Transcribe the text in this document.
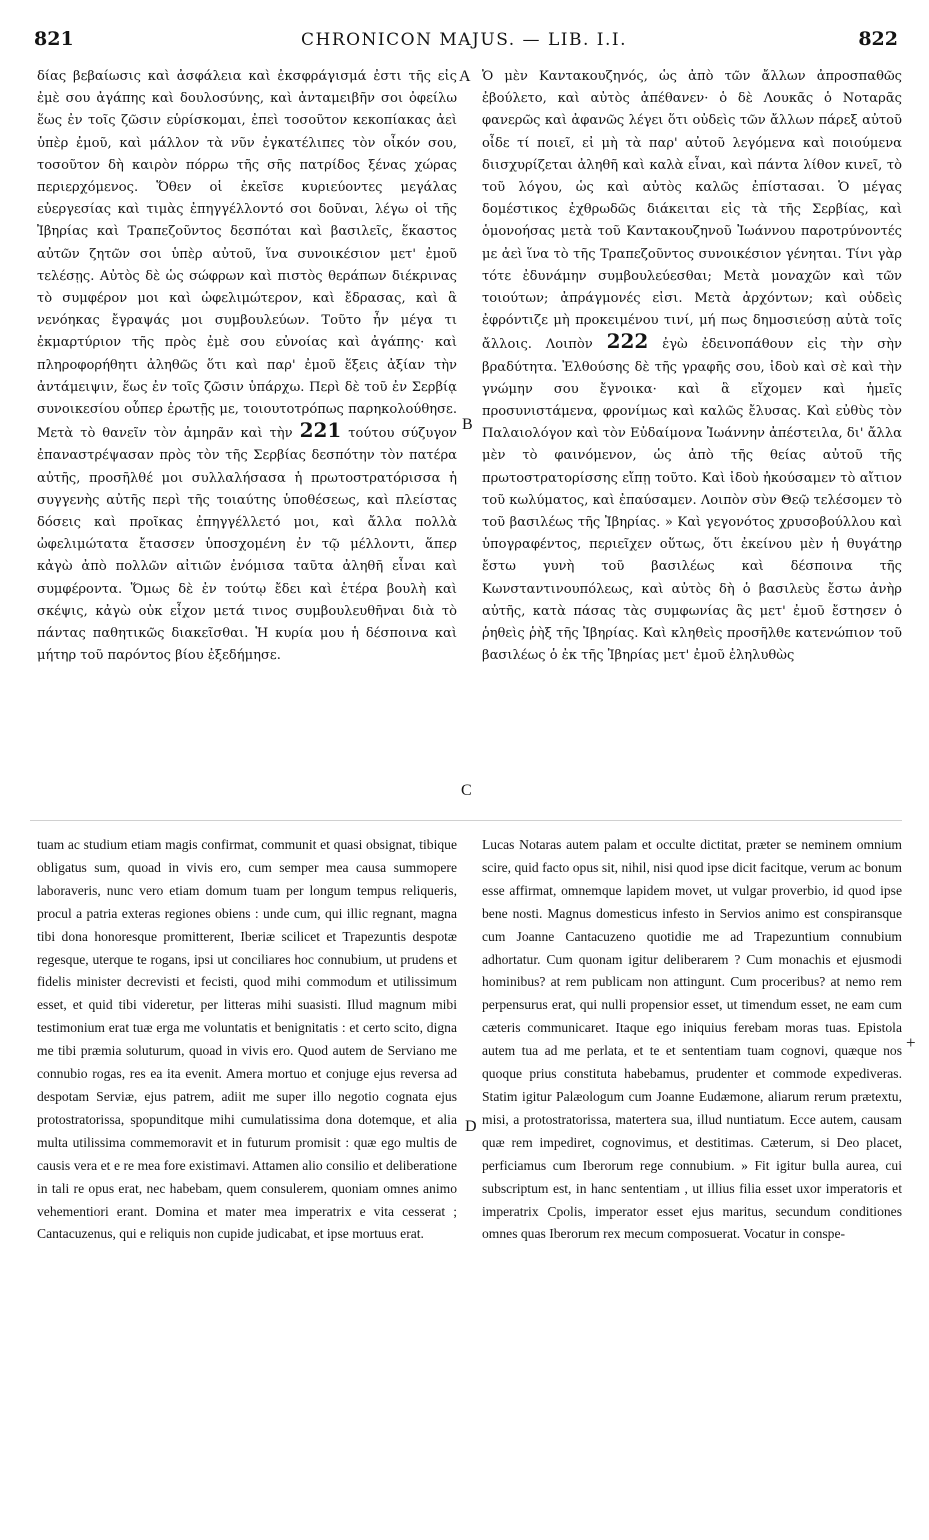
821	CHRONICON MAJUS. — LIB. I.I.	822

δίας βεβαίωσις καὶ ἀσφάλεια καὶ ἐκσφράγισμά ἐστι τῆς εἰς ἐμὲ σου ἀγάπης καὶ δουλοσύνης, καὶ ἀνταμειβῆν σοι ὀφείλω ἕως ἐν τοῖς ζῶσιν εὑρίσκομαι, ἐπεὶ τοσοῦτον κεκοπίακας ἀεὶ ὑπὲρ ἐμοῦ, καὶ μάλλον τὰ νῦν ἐγκατέλιπες τὸν οἶκόν σου, τοσοῦτον δὴ καιρὸν πόρρω τῆς σῆς πατρίδος ξένας χώρας περιερχόμενος. Ὅθεν οἱ ἐκεῖσε κυριεύοντες μεγάλας εὐεργεσίας καὶ τιμὰς ἐπηγγέλλοντό σοι δοῦναι, λέγω οἱ τῆς Ἰβηρίας καὶ Τραπεζοῦντος δεσπόται καὶ βασιλεῖς, ἕκαστος αὐτῶν ζητῶν σοι ὑπὲρ αὐτοῦ, ἵνα συνοικέσιον μετ' ἐμοῦ τελέσῃς. Αὐτὸς δὲ ὡς σώφρων καὶ πιστὸς θεράπων διέκρινας τὸ συμφέρον μοι καὶ ὠφελιμώτερον, καὶ ἔδρασας, καὶ ἃ νενόηκας ἔγραψάς μοι συμβουλεύων. Τοῦτο ἦν μέγα τι ἐκμαρτύριον τῆς πρὸς ἐμὲ σου εὐνοίας καὶ ἀγάπης· καὶ πληροφορήθητι ἀληθῶς ὅτι καὶ παρ' ἐμοῦ ἕξεις ἀξίαν τὴν ἀντάμειψιν, ἕως ἐν τοῖς ζῶσιν ὑπάρχω. Περὶ δὲ τοῦ ἐν Σερβίᾳ συνοικεσίου οὗπερ ἐρωτῇς με, τοιουτοτρόπως παρηκολούθησε. Μετὰ τὸ θανεῖν τὸν ἀμηρᾶν καὶ τὴν 221 τούτου σύζυγον ἐπαναστρέψασαν πρὸς τὸν τῆς Σερβίας δεσπότην τὸν πατέρα αὐτῆς, προσῆλθέ μοι συλλαλήσασα ἡ πρωτοστρατόρισσα ἡ συγγενὴς αὐτῆς περὶ τῆς τοιαύτης ὑποθέσεως, καὶ πλείστας δόσεις καὶ προῖκας ἐπηγγέλλετό μοι, καὶ ἄλλα πολλὰ ὠφελιμώτατα ἔτασσεν ὑποσχομένη ἐν τῷ μέλλοντι, ἅπερ κἀγὼ ἀπὸ πολλῶν αἰτιῶν ἐνόμισα ταῦτα ἀληθῆ εἶναι καὶ συμφέροντα. Ὅμως δὲ ἐν τούτῳ ἔδει καὶ ἑτέρα βουλὴ καὶ σκέψις, κἀγὼ οὐκ εἶχον μετά τινος συμβουλευθῆναι διὰ τὸ πάντας παθητικῶς διακεῖσθαι. Ἡ κυρία μου ἡ δέσποινα καὶ μήτηρ τοῦ παρόντος βίου ἐξεδήμησε.

Ὁ μὲν Καντακουζηνός, ὡς ἀπὸ τῶν ἄλλων ἀπροσπαθῶς ἐβούλετο, καὶ αὐτὸς ἀπέθανεν· ὁ δὲ Λουκᾶς ὁ Νοταρᾶς φανερῶς καὶ ἀφανῶς λέγει ὅτι οὐδεὶς τῶν ἄλλων πάρεξ αὐτοῦ οἶδε τί ποιεῖ, εἰ μὴ τὰ παρ' αὐτοῦ λεγόμενα καὶ ποιούμενα διισχυρίζεται ἀληθῆ καὶ καλὰ εἶναι, καὶ πάντα λίθον κινεῖ, τὸ τοῦ λόγου, ὡς καὶ αὐτὸς καλῶς ἐπίστασαι. Ὁ μέγας δομέστικος ἐχθρωδῶς διάκειται εἰς τὰ τῆς Σερβίας, καὶ ὁμονοήσας μετὰ τοῦ Καντακουζηνοῦ Ἰωάννου παροτρύνοντές με ἀεὶ ἵνα τὸ τῆς Τραπεζοῦντος συνοικέσιον γένηται. Τίνι γὰρ τότε ἐδυνάμην συμβουλεύεσθαι; Μετὰ μοναχῶν καὶ τῶν τοιούτων; ἀπράγμονές εἰσι. Μετὰ ἀρχόντων; καὶ οὐδεὶς ἐφρόντιζε μὴ προκειμένου τινί, μή πως δημοσιεύσῃ αὐτὰ τοῖς ἄλλοις. Λοιπὸν 222 ἐγὼ ἐδεινοπάθουν εἰς τὴν σὴν βραδύτητα. Ἐλθούσης δὲ τῆς γραφῆς σου, ἰδοὺ καὶ σὲ καὶ τὴν γνώμην σου ἔγνοικα· καὶ ἃ εἴχομεν καὶ ἡμεῖς προσυνιστάμενα, φρονίμως καὶ καλῶς ἔλυσας. Καὶ εὐθὺς τὸν Παλαιολόγον καὶ τὸν Εὐδαίμονα Ἰωάννην ἀπέστειλα, δι' ἄλλα μὲν τὸ φαινόμενον, ὡς ἀπὸ τῆς θείας αὐτοῦ τῆς πρωτοστρατορίσσης εἴπῃ τοῦτο. Καὶ ἰδοὺ ἠκούσαμεν τὸ αἴτιον τοῦ κωλύματος, καὶ ἐπαύσαμεν. Λοιπὸν σὺν Θεῷ τελέσομεν τὸ τοῦ βασιλέως τῆς Ἰβηρίας. » Καὶ γεγονότος χρυσοβούλλου καὶ ὑπογραφέντος, περιεῖχεν οὕτως, ὅτι ἐκείνου μὲν ἡ θυγάτηρ ἔστω γυνὴ τοῦ βασιλέως καὶ δέσποινα τῆς Κωνσταντινουπόλεως, καὶ αὐτὸς δὴ ὁ βασιλεὺς ἔστω ἀνὴρ αὐτῆς, κατὰ πάσας τὰς συμφωνίας ἃς μετ' ἐμοῦ ἔστησεν ὁ ῥηθεὶς ῥὴξ τῆς Ἰβηρίας. Καὶ κληθεὶς προσῆλθε κατενώπιον τοῦ βασιλέως ὁ ἐκ τῆς Ἰβηρίας μετ' ἐμοῦ ἐληλυθὼς

A
B
C
D
+

tuam ac studium etiam magis confirmat, communit et quasi obsignat, tibique obligatus sum, quoad in vivis ero, cum semper mea causa summopere laboraveris, nunc vero etiam domum tuam per longum tempus reliqueris, procul a patria exteras regiones obiens : unde cum, qui illic regnant, magna tibi dona honoresque promitterent, Iberiæ scilicet et Trapezuntis despotæ regesque, uterque te rogans, ipsi ut conciliares hoc connubium, ut prudens et fidelis minister decrevisti et fecisti, quod mihi commodum et utilissimum esset, et quid tibi videretur, per litteras mihi suasisti. Illud magnum mibi testimonium erat tuæ erga me voluntatis et benignitatis : et certo scito, digna me tibi præmia soluturum, quoad in vivis ero. Quod autem de Serviano me connubio rogas, res ea ita evenit. Amera mortuo et conjuge ejus reversa ad despotam Serviæ, ejus patrem, adiit me super illo negotio cognata ejus protostratorissa, spopunditque mihi cumulatissima dona dotemque, et alia multa utilissima commemoravit et in futurum promisit : quæ ego multis de causis vera et e re mea fore existimavi. Attamen alio consilio et deliberatione in tali re opus erat, nec habebam, quem consulerem, quoniam omnes animo vehementiori erant. Domina et mater mea imperatrix e vita cesserat ; Cantacuzenus, qui e reliquis non cupide judicabat, et ipse mortuus erat.

Lucas Notaras autem palam et occulte dictitat, præter se neminem omnium scire, quid facto opus sit, nihil, nisi quod ipse dicit facitque, verum ac bonum esse affirmat, omnemque lapidem movet, ut vulgar proverbio, id quod ipse bene nosti. Magnus domesticus infesto in Servios animo est conspiransque cum Joanne Cantacuzeno quotidie me ad Trapezuntium connubium adhortatur. Cum quonam igitur deliberarem ? Cum monachis et ejusmodi hominibus? at rem publicam non attingunt. Cum proceribus? at nemo rem perpensurus erat, qui nulli propensior esset, ut timendum esset, ne eam cum cæteris communicaret. Itaque ego iniquius ferebam moras tuas. Epistola autem tua ad me perlata, et te et sententiam tuam cognovi, quæque nos quoque prius constituta habebamus, prudenter et commode expediveras. Statim igitur Palæologum cum Joanne Eudæmone, aliarum rerum prætextu, misi, a protostratorissa, matertera sua, illud nuntiatum. Ecce autem, causam quæ rem impediret, cognovimus, et destitimas. Cæterum, si Deo placet, perficiamus cum Iberorum rege connubium. » Fit igitur bulla aurea, cui subscriptum est, in hanc sententiam , ut illius filia esset uxor imperatoris et imperatrix Cpolis, imperator esset ejus maritus, secundum conditiones omnes quas Iberorum rex mecum composuerat. Vocatur in conspe-
